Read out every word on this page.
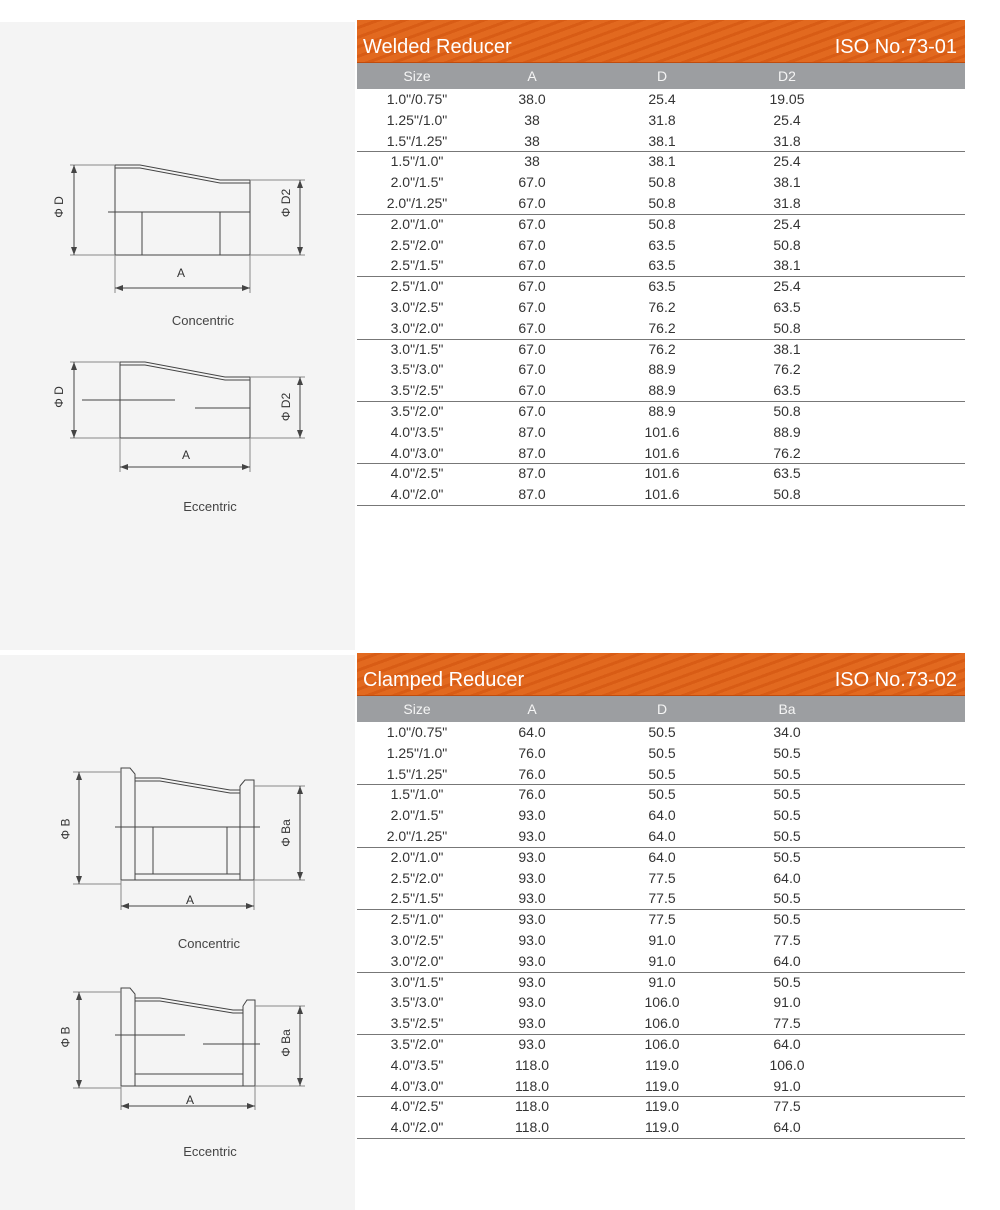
Φ D	Φ D2
A
Concentric
Φ D	Φ D2
A
Eccentric
Φ B	Φ Ba
A
Concentric
Φ B	Φ Ba
A
Eccentric
Welded Reducer	ISO No.73-01
Size	A	D	D2
1.0"/0.75"	38.0	25.4	19.05
1.25"/1.0"	38	31.8	25.4
1.5"/1.25"	38	38.1	31.8
1.5"/1.0"	38	38.1	25.4
2.0"/1.5"	67.0	50.8	38.1
2.0"/1.25"	67.0	50.8	31.8
2.0"/1.0"	67.0	50.8	25.4
2.5"/2.0"	67.0	63.5	50.8
2.5"/1.5"	67.0	63.5	38.1
2.5"/1.0"	67.0	63.5	25.4
3.0"/2.5"	67.0	76.2	63.5
3.0"/2.0"	67.0	76.2	50.8
3.0"/1.5"	67.0	76.2	38.1
3.5"/3.0"	67.0	88.9	76.2
3.5"/2.5"	67.0	88.9	63.5
3.5"/2.0"	67.0	88.9	50.8
4.0"/3.5"	87.0	101.6	88.9
4.0"/3.0"	87.0	101.6	76.2
4.0"/2.5"	87.0	101.6	63.5
4.0"/2.0"	87.0	101.6	50.8
Clamped Reducer	ISO No.73-02
Size	A	D	Ba
1.0"/0.75"	64.0	50.5	34.0
1.25"/1.0"	76.0	50.5	50.5
1.5"/1.25"	76.0	50.5	50.5
1.5"/1.0"	76.0	50.5	50.5
2.0"/1.5"	93.0	64.0	50.5
2.0"/1.25"	93.0	64.0	50.5
2.0"/1.0"	93.0	64.0	50.5
2.5"/2.0"	93.0	77.5	64.0
2.5"/1.5"	93.0	77.5	50.5
2.5"/1.0"	93.0	77.5	50.5
3.0"/2.5"	93.0	91.0	77.5
3.0"/2.0"	93.0	91.0	64.0
3.0"/1.5"	93.0	91.0	50.5
3.5"/3.0"	93.0	106.0	91.0
3.5"/2.5"	93.0	106.0	77.5
3.5"/2.0"	93.0	106.0	64.0
4.0"/3.5"	118.0	119.0	106.0
4.0"/3.0"	118.0	119.0	91.0
4.0"/2.5"	118.0	119.0	77.5
4.0"/2.0"	118.0	119.0	64.0
